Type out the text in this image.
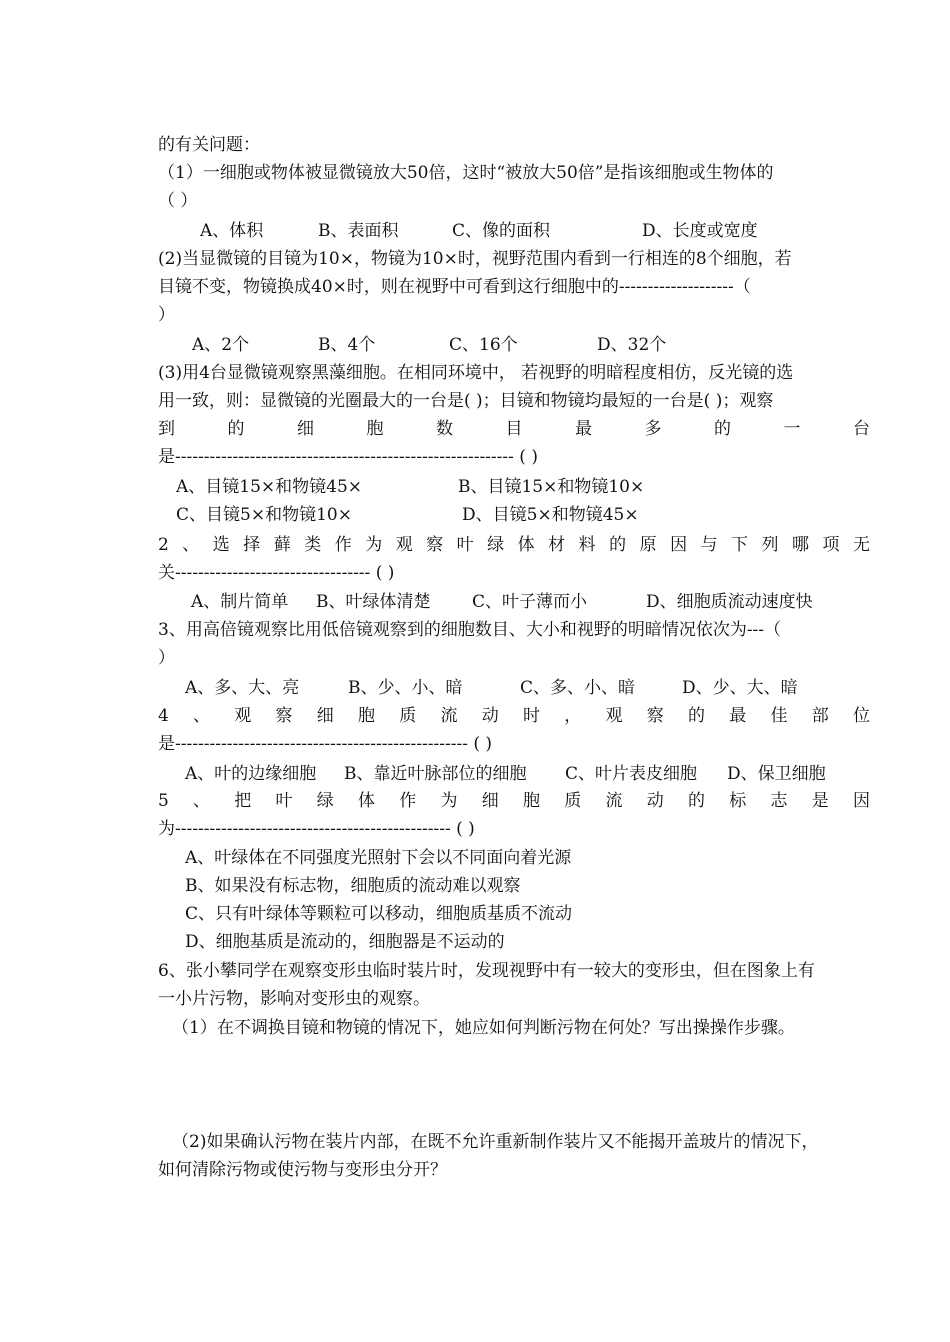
的有关问题：
（1）一细胞或物体被显微镜放大50倍，这时“被放大50倍”是指该细胞或生物体的
（ ）
A、体积	B、表面积	C、像的面积	D、长度或宽度
(2)当显微镜的目镜为10×，物镜为10×时，视野范围内看到一行相连的8个细胞，若
目镜不变，物镜换成40×时，则在视野中可看到这行细胞中的--------------------（
）
A、2个	B、4个	C、16个	D、32个
(3)用4台显微镜观察黑藻细胞。在相同环境中， 若视野的明暗程度相仿，反光镜的选
用一致，则：显微镜的光圈最大的一台是( )；目镜和物镜均最短的一台是( )；观察
到的细胞数目最多的一台
是----------------------------------------------------------- ( )
A、目镜15×和物镜45×	B、目镜15×和物镜10×
C、目镜5×和物镜10×	D、目镜5×和物镜45×
2、选择藓类作为观察叶绿体材料的原因与下列哪项无
关---------------------------------- ( )
A、制片简单 B、叶绿体清楚 C、叶子薄而小	D、细胞质流动速度快
3、用高倍镜观察比用低倍镜观察到的细胞数目、大小和视野的明暗情况依次为---（
）
A、多、大、亮	B、少、小、暗	C、多、小、暗	D、少、大、暗
4、观察细胞质流动时，观察的最佳部位
是--------------------------------------------------- ( )
A、叶的边缘细胞 B、靠近叶脉部位的细胞 C、叶片表皮细胞 D、保卫细胞
5、把叶绿体作为细胞质流动的标志是因
为------------------------------------------------ ( )
A、叶绿体在不同强度光照射下会以不同面向着光源
B、如果没有标志物，细胞质的流动难以观察
C、只有叶绿体等颗粒可以移动，细胞质基质不流动
D、细胞基质是流动的，细胞器是不运动的
6、张小攀同学在观察变形虫临时装片时，发现视野中有一较大的变形虫，但在图象上有
一小片污物，影响对变形虫的观察。
（1）在不调换目镜和物镜的情况下，她应如何判断污物在何处？写出操操作步骤。
（2)如果确认污物在装片内部，在既不允许重新制作装片又不能揭开盖玻片的情况下，
如何清除污物或使污物与变形虫分开？
